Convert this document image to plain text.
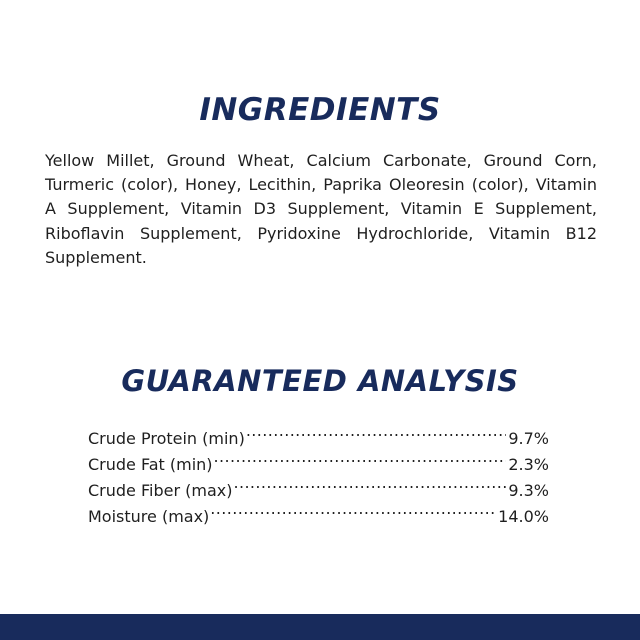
INGREDIENTS
Yellow Millet, Ground Wheat, Calcium Carbonate, Ground Corn, Turmeric (color), Honey, Lecithin, Paprika Oleoresin (color), Vitamin A Supplement, Vitamin D3 Supplement, Vitamin E Supplement, Riboflavin Supplement, Pyridoxine Hydrochloride, Vitamin B12 Supplement.
GUARANTEED ANALYSIS
Crude Protein (min) .....	9.7%
Crude Fat (min) .....	2.3%
Crude Fiber (max) .....	9.3%
Moisture (max) .....	14.0%
